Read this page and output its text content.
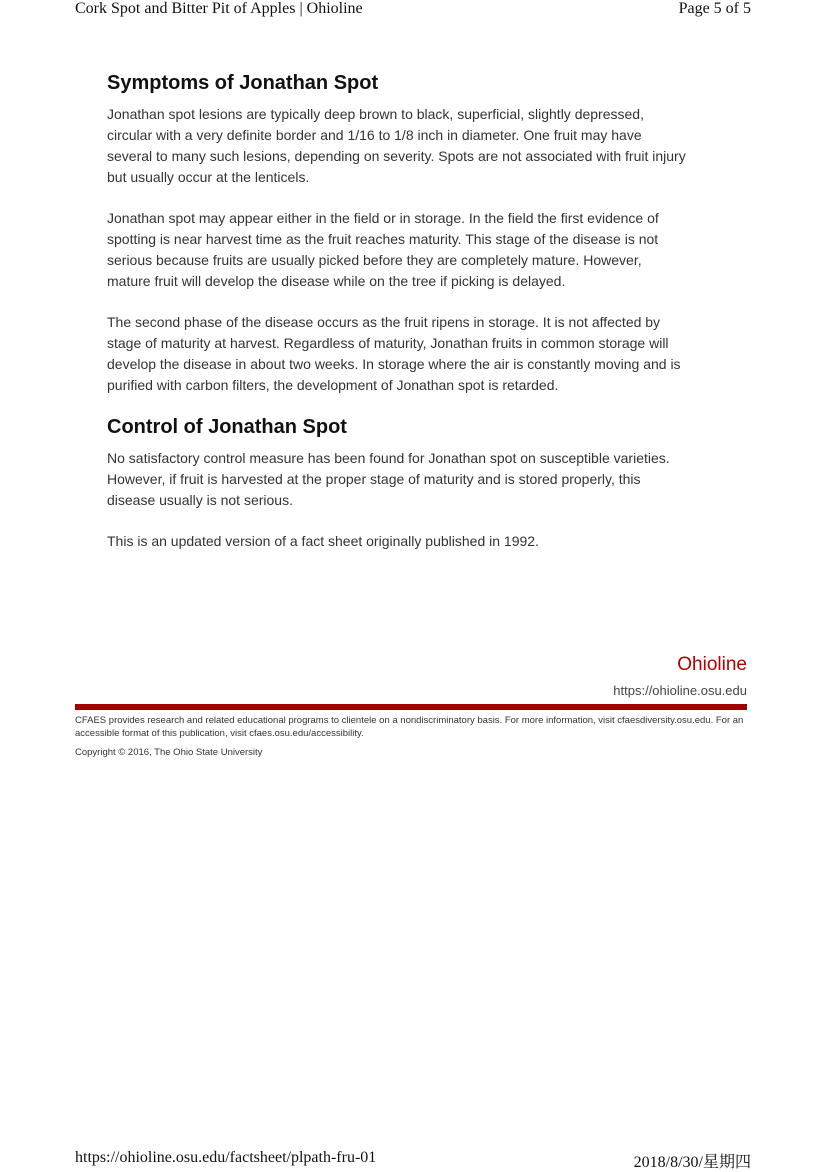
Cork Spot and Bitter Pit of Apples | Ohioline	Page 5 of 5
Symptoms of Jonathan Spot

Jonathan spot lesions are typically deep brown to black, superficial, slightly depressed, circular with a very definite border and 1/16 to 1/8 inch in diameter. One fruit may have several to many such lesions, depending on severity. Spots are not associated with fruit injury but usually occur at the lenticels.

Jonathan spot may appear either in the field or in storage. In the field the first evidence of spotting is near harvest time as the fruit reaches maturity. This stage of the disease is not serious because fruits are usually picked before they are completely mature. However, mature fruit will develop the disease while on the tree if picking is delayed.

The second phase of the disease occurs as the fruit ripens in storage. It is not affected by stage of maturity at harvest. Regardless of maturity, Jonathan fruits in common storage will develop the disease in about two weeks. In storage where the air is constantly moving and is purified with carbon filters, the development of Jonathan spot is retarded.

Control of Jonathan Spot

No satisfactory control measure has been found for Jonathan spot on susceptible varieties. However, if fruit is harvested at the proper stage of maturity and is stored properly, this disease usually is not serious.

This is an updated version of a fact sheet originally published in 1992.

Ohioline
https://ohioline.osu.edu
CFAES provides research and related educational programs to clientele on a nondiscriminatory basis. For more information, visit cfaesdiversity.osu.edu. For an accessible format of this publication, visit cfaes.osu.edu/accessibility.
Copyright © 2016, The Ohio State University
https://ohioline.osu.edu/factsheet/plpath-fru-01	2018/8/30/星期四
